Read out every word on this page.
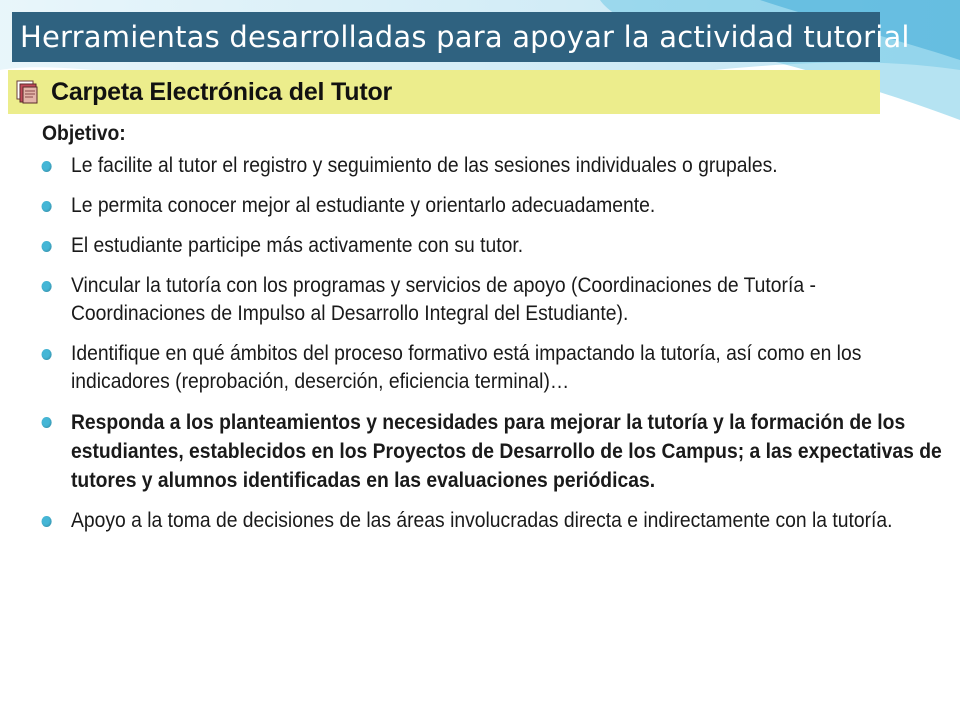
Herramientas desarrolladas para apoyar la actividad tutorial
Carpeta Electrónica del Tutor
Objetivo:
Le facilite al tutor el registro y seguimiento de las sesiones individuales o grupales.
Le permita conocer mejor al estudiante y orientarlo adecuadamente.
El estudiante participe más activamente con su tutor.
Vincular la tutoría con los programas y servicios de apoyo (Coordinaciones de Tutoría - Coordinaciones de Impulso al Desarrollo Integral del Estudiante).
Identifique en qué ámbitos del proceso formativo está impactando la tutoría, así como en los indicadores (reprobación, deserción, eficiencia terminal)…
Responda a los planteamientos y necesidades para mejorar la tutoría y la formación de los estudiantes, establecidos en los Proyectos de Desarrollo de los Campus; a las expectativas de tutores y alumnos identificadas en las evaluaciones periódicas.
Apoyo a la toma de decisiones de las áreas involucradas directa e indirectamente con la tutoría.
